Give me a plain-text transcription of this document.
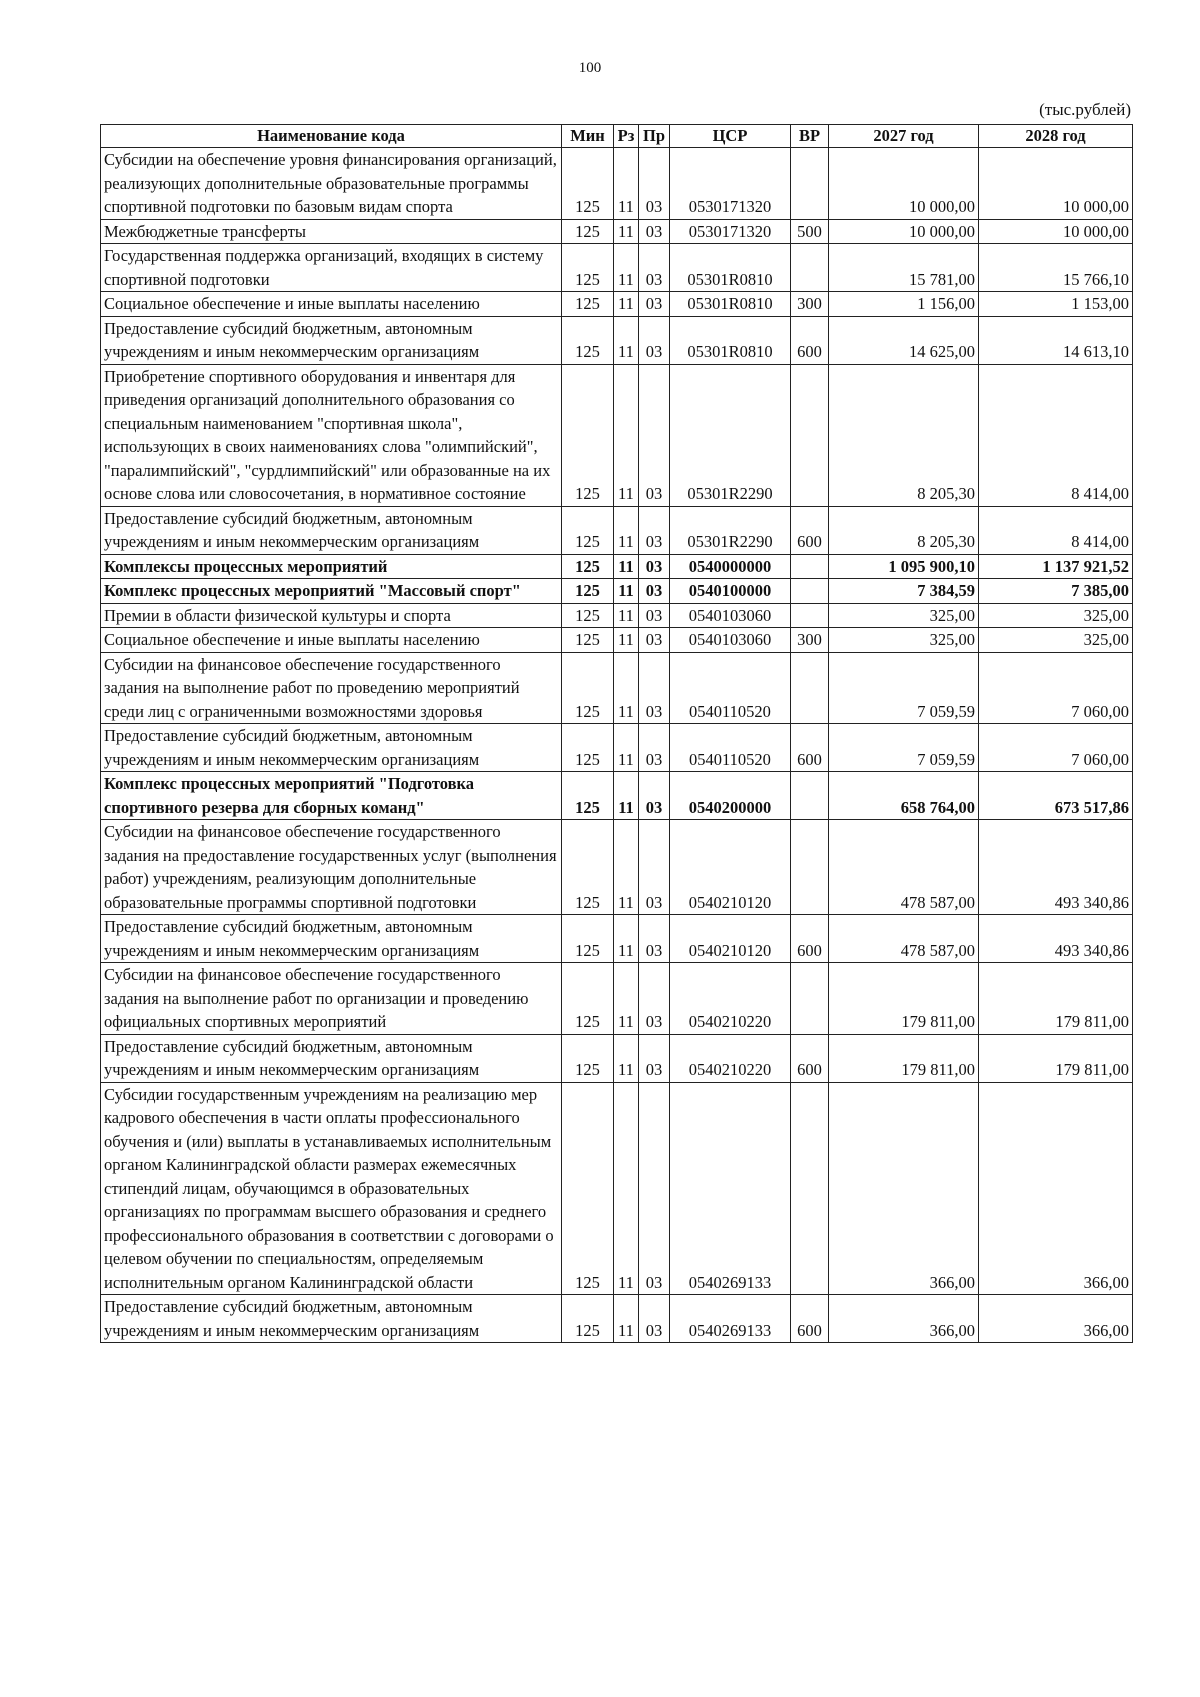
100
(тыс.рублей)
Наименование кода	Мин	Рз	Пр	ЦСР	ВР	2027 год	2028 год
Субсидии на обеспечение уровня финансирования организаций, реализующих дополнительные образовательные программы спортивной подготовки по базовым видам спорта	125	11	03	0530171320		10 000,00	10 000,00
Межбюджетные трансферты	125	11	03	0530171320	500	10 000,00	10 000,00
Государственная поддержка организаций, входящих в систему спортивной подготовки	125	11	03	05301R0810		15 781,00	15 766,10
Социальное обеспечение и иные выплаты населению	125	11	03	05301R0810	300	1 156,00	1 153,00
Предоставление субсидий бюджетным, автономным учреждениям и иным некоммерческим организациям	125	11	03	05301R0810	600	14 625,00	14 613,10
Приобретение спортивного оборудования и инвентаря для приведения организаций дополнительного образования со специальным наименованием "спортивная школа", использующих в своих наименованиях слова "олимпийский", "паралимпийский", "сурдлимпийский" или образованные на их основе слова или словосочетания, в нормативное состояние	125	11	03	05301R2290		8 205,30	8 414,00
Предоставление субсидий бюджетным, автономным учреждениям и иным некоммерческим организациям	125	11	03	05301R2290	600	8 205,30	8 414,00
Комплексы процессных мероприятий	125	11	03	0540000000		1 095 900,10	1 137 921,52
Комплекс процессных мероприятий "Массовый спорт"	125	11	03	0540100000		7 384,59	7 385,00
Премии в области физической культуры и спорта	125	11	03	0540103060		325,00	325,00
Социальное обеспечение и иные выплаты населению	125	11	03	0540103060	300	325,00	325,00
Субсидии на финансовое обеспечение государственного задания на выполнение работ по проведению мероприятий среди лиц с ограниченными возможностями здоровья	125	11	03	0540110520		7 059,59	7 060,00
Предоставление субсидий бюджетным, автономным учреждениям и иным некоммерческим организациям	125	11	03	0540110520	600	7 059,59	7 060,00
Комплекс процессных мероприятий "Подготовка спортивного резерва для сборных команд"	125	11	03	0540200000		658 764,00	673 517,86
Субсидии на финансовое обеспечение государственного задания на предоставление государственных услуг (выполнения работ) учреждениям, реализующим дополнительные образовательные программы спортивной подготовки	125	11	03	0540210120		478 587,00	493 340,86
Предоставление субсидий бюджетным, автономным учреждениям и иным некоммерческим организациям	125	11	03	0540210120	600	478 587,00	493 340,86
Субсидии на финансовое обеспечение государственного задания на выполнение работ по организации и проведению официальных спортивных мероприятий	125	11	03	0540210220		179 811,00	179 811,00
Предоставление субсидий бюджетным, автономным учреждениям и иным некоммерческим организациям	125	11	03	0540210220	600	179 811,00	179 811,00
Субсидии государственным учреждениям на реализацию мер кадрового обеспечения в части оплаты профессионального обучения и (или) выплаты в устанавливаемых исполнительным органом Калининградской области размерах ежемесячных стипендий лицам, обучающимся в образовательных организациях по программам высшего образования и среднего профессионального образования в соответствии с договорами о целевом обучении по специальностям, определяемым исполнительным органом Калининградской области	125	11	03	0540269133		366,00	366,00
Предоставление субсидий бюджетным, автономным учреждениям и иным некоммерческим организациям	125	11	03	0540269133	600	366,00	366,00
